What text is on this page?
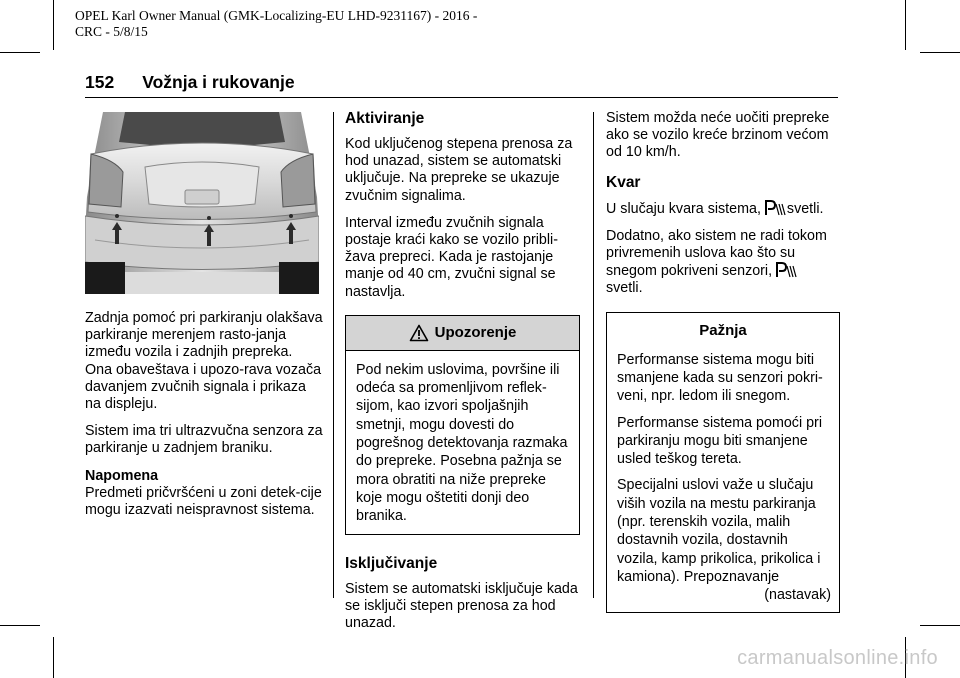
OPEL Karl Owner Manual (GMK-Localizing-EU LHD-9231167) - 2016 -
CRC - 5/8/15
152 Vožnja i rukovanje

Zadnja pomoć pri parkiranju olakšava parkiranje merenjem rasto-janja između vozila i zadnjih prepreka. Ona obaveštava i upozo-rava vozača davanjem zvučnih signala i prikaza na displeju.

Sistem ima tri ultrazvučna senzora za parkiranje u zadnjem braniku.

Napomena

Predmeti pričvršćeni u zoni detek-cije mogu izazvati neispravnost sistema.

Aktiviranje

Kod uključenog stepena prenosa za hod unazad, sistem se automatski uključuje. Na prepreke se ukazuje zvučnim signalima.

Interval između zvučnih signala postaje kraći kako se vozilo pribli-žava prepreci. Kada je rastojanje manje od 40 cm, zvučni signal se nastavlja.

Upozorenje

Pod nekim uslovima, površine ili odeća sa promenljivom reflek-sijom, kao izvori spoljašnjih smetnji, mogu dovesti do pogrešnog detektovanja razmaka do prepreke. Posebna pažnja se mora obratiti na niže prepreke koje mogu oštetiti donji deo branika.

Isključivanje

Sistem se automatski isključuje kada se isključi stepen prenosa za hod unazad.

Sistem možda neće uočiti prepreke ako se vozilo kreće brzinom većom od 10 km/h.

Kvar

U slučaju kvara sistema, svetli.

Dodatno, ako sistem ne radi tokom privremenih uslova kao što su snegom pokriveni senzori,
svetli.

Pažnja

Performanse sistema mogu biti smanjene kada su senzori pokri-veni, npr. ledom ili snegom.

Performanse sistema pomoći pri parkiranju mogu biti smanjene usled teškog tereta.

Specijalni uslovi važe u slučaju viših vozila na mestu parkiranja (npr. terenskih vozila, malih dostavnih vozila, dostavnih vozila, kamp prikolica, prikolica i kamiona). Prepoznavanje

(nastavak)

carmanualsonline.info
